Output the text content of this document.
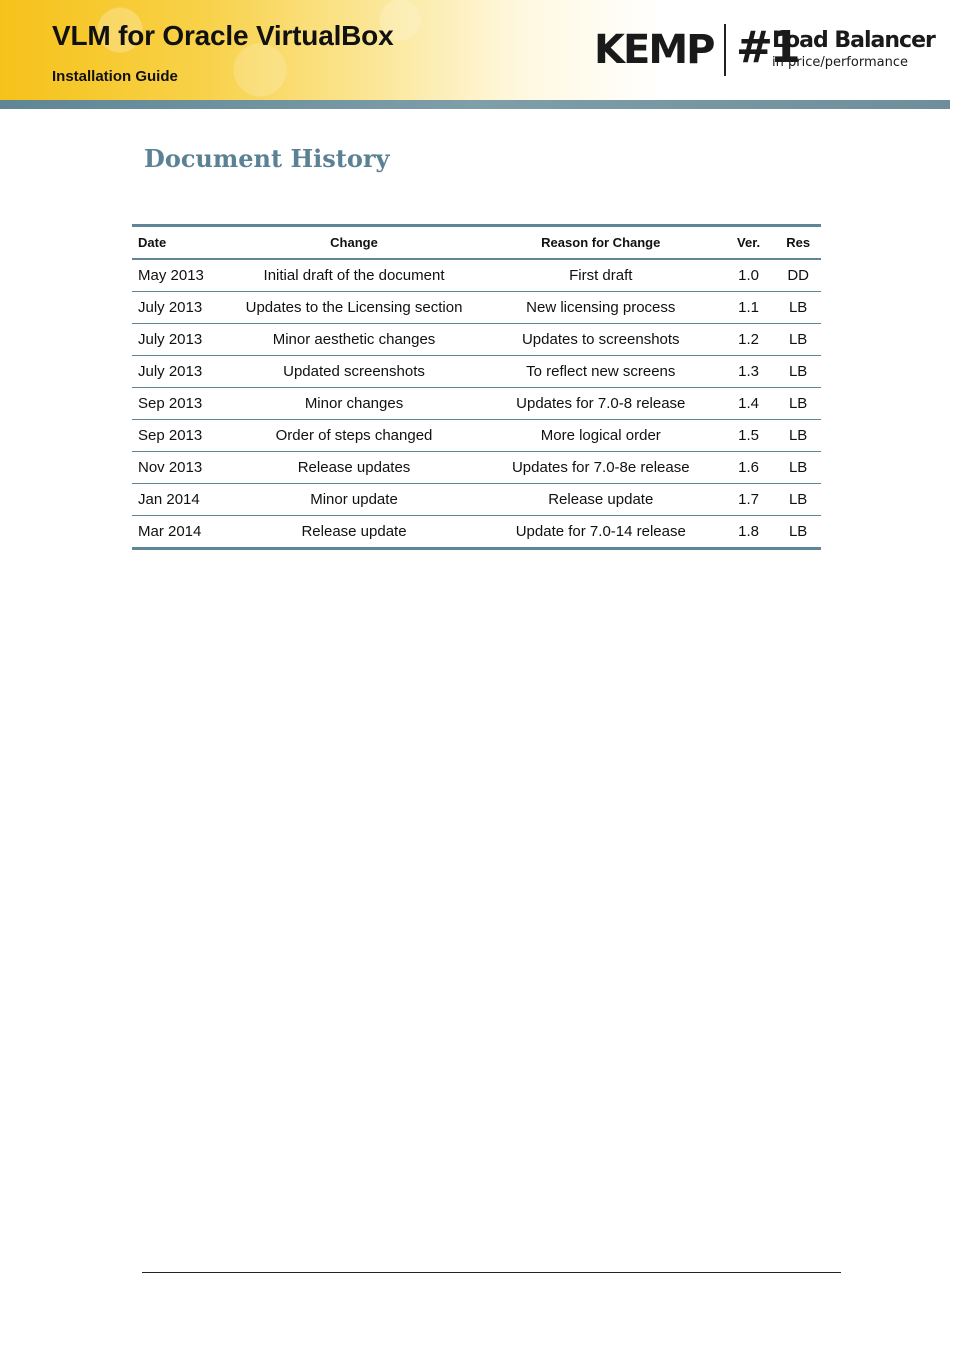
VLM for Oracle VirtualBox
Installation Guide
KEMP #1
Load Balancer
in price/performance
Document History
Date	Change	Reason for Change	Ver.	Res
May 2013	Initial draft of the document	First draft	1.0	DD
July 2013	Updates to the Licensing section	New licensing process	1.1	LB
July 2013	Minor aesthetic changes	Updates to screenshots	1.2	LB
July 2013	Updated screenshots	To reflect new screens	1.3	LB
Sep 2013	Minor changes	Updates for 7.0-8 release	1.4	LB
Sep 2013	Order of steps changed	More logical order	1.5	LB
Nov 2013	Release updates	Updates for 7.0-8e release	1.6	LB
Jan 2014	Minor update	Release update	1.7	LB
Mar 2014	Release update	Update for 7.0-14 release	1.8	LB
